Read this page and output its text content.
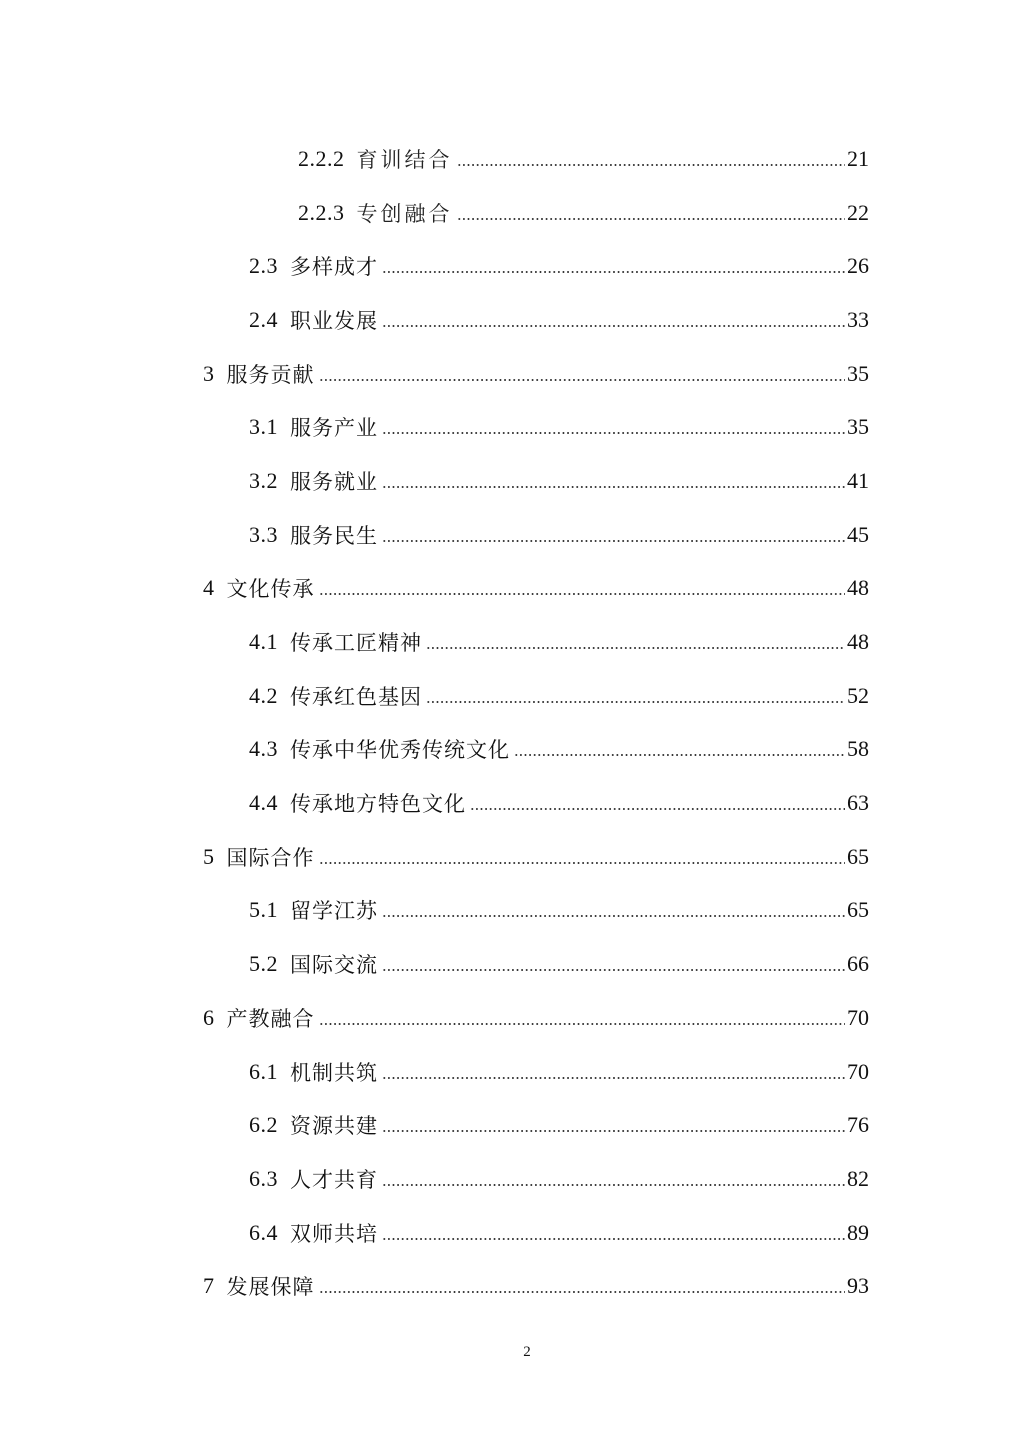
2.2.2 育训结合	21
2.2.3 专创融合	22
2.3 多样成才	26
2.4 职业发展	33
3 服务贡献	35
3.1 服务产业	35
3.2 服务就业	41
3.3 服务民生	45
4 文化传承	48
4.1 传承工匠精神	48
4.2 传承红色基因	52
4.3 传承中华优秀传统文化	58
4.4 传承地方特色文化	63
5 国际合作	65
5.1 留学江苏	65
5.2 国际交流	66
6 产教融合	70
6.1 机制共筑	70
6.2 资源共建	76
6.3 人才共育	82
6.4 双师共培	89
7 发展保障	93
2
